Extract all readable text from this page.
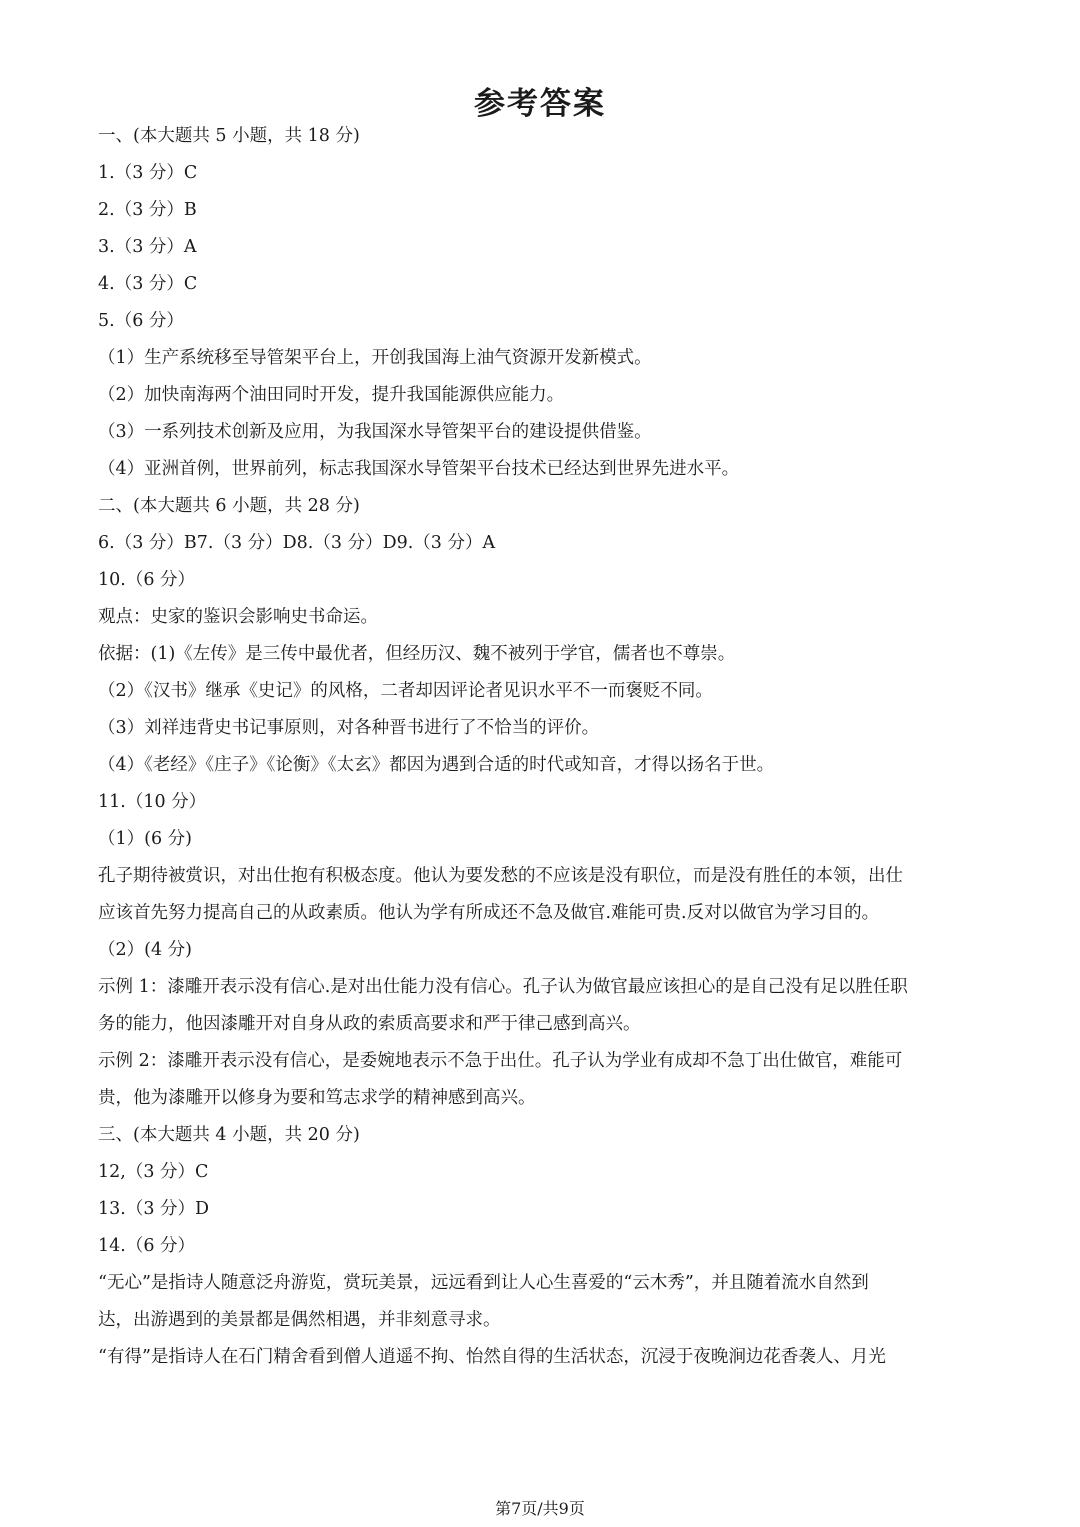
参考答案
一、(本大题共 5 小题，共 18 分)
1.（3 分）C
2.（3 分）B
3.（3 分）A
4.（3 分）C
5.（6 分）
（1）生产系统移至导管架平台上，开创我国海上油气资源开发新模式。
（2）加快南海两个油田同时开发，提升我国能源供应能力。
（3）一系列技术创新及应用，为我国深水导管架平台的建设提供借鉴。
（4）亚洲首例，世界前列，标志我国深水导管架平台技术已经达到世界先进水平。
二、(本大题共 6 小题，共 28 分)
6.（3 分）B7.（3 分）D8.（3 分）D9.（3 分）A
10.（6 分）
观点：史家的鉴识会影响史书命运。
依据：(1)《左传》是三传中最优者，但经历汉、魏不被列于学官，儒者也不尊崇。
（2）《汉书》继承《史记》的风格，二者却因评论者见识水平不一而褒贬不同。
（3）刘祥违背史书记事原则，对各种晋书进行了不恰当的评价。
（4）《老经》《庄子》《论衡》《太玄》都因为遇到合适的时代或知音，才得以扬名于世。
11.（10 分）
（1）(6 分)
孔子期待被赏识，对出仕抱有积极态度。他认为要发愁的不应该是没有职位，而是没有胜任的本领，出仕
应该首先努力提高自己的从政素质。他认为学有所成还不急及做官.难能可贵.反对以做官为学习目的。
（2）(4 分)
示例 1：漆雕开表示没有信心.是对出仕能力没有信心。孔子认为做官最应该担心的是自己没有足以胜任职
务的能力，他因漆雕开对自身从政的索质高要求和严于律己感到高兴。
示例 2：漆雕开表示没有信心，是委婉地表示不急于出仕。孔子认为学业有成却不急丁出仕做官，难能可
贵，他为漆雕开以修身为要和笃志求学的精神感到高兴。
三、(本大题共 4 小题，共 20 分)
12,（3 分）C
13.（3 分）D
14.（6 分）
“无心”是指诗人随意泛舟游览，赏玩美景，远远看到让人心生喜爱的“云木秀”，并且随着流水自然到
达，出游遇到的美景都是偶然相遇，并非刻意寻求。
“有得”是指诗人在石门精舍看到僧人逍遥不拘、怡然自得的生活状态，沉浸于夜晚涧边花香袭人、月光
第7页/共9页
